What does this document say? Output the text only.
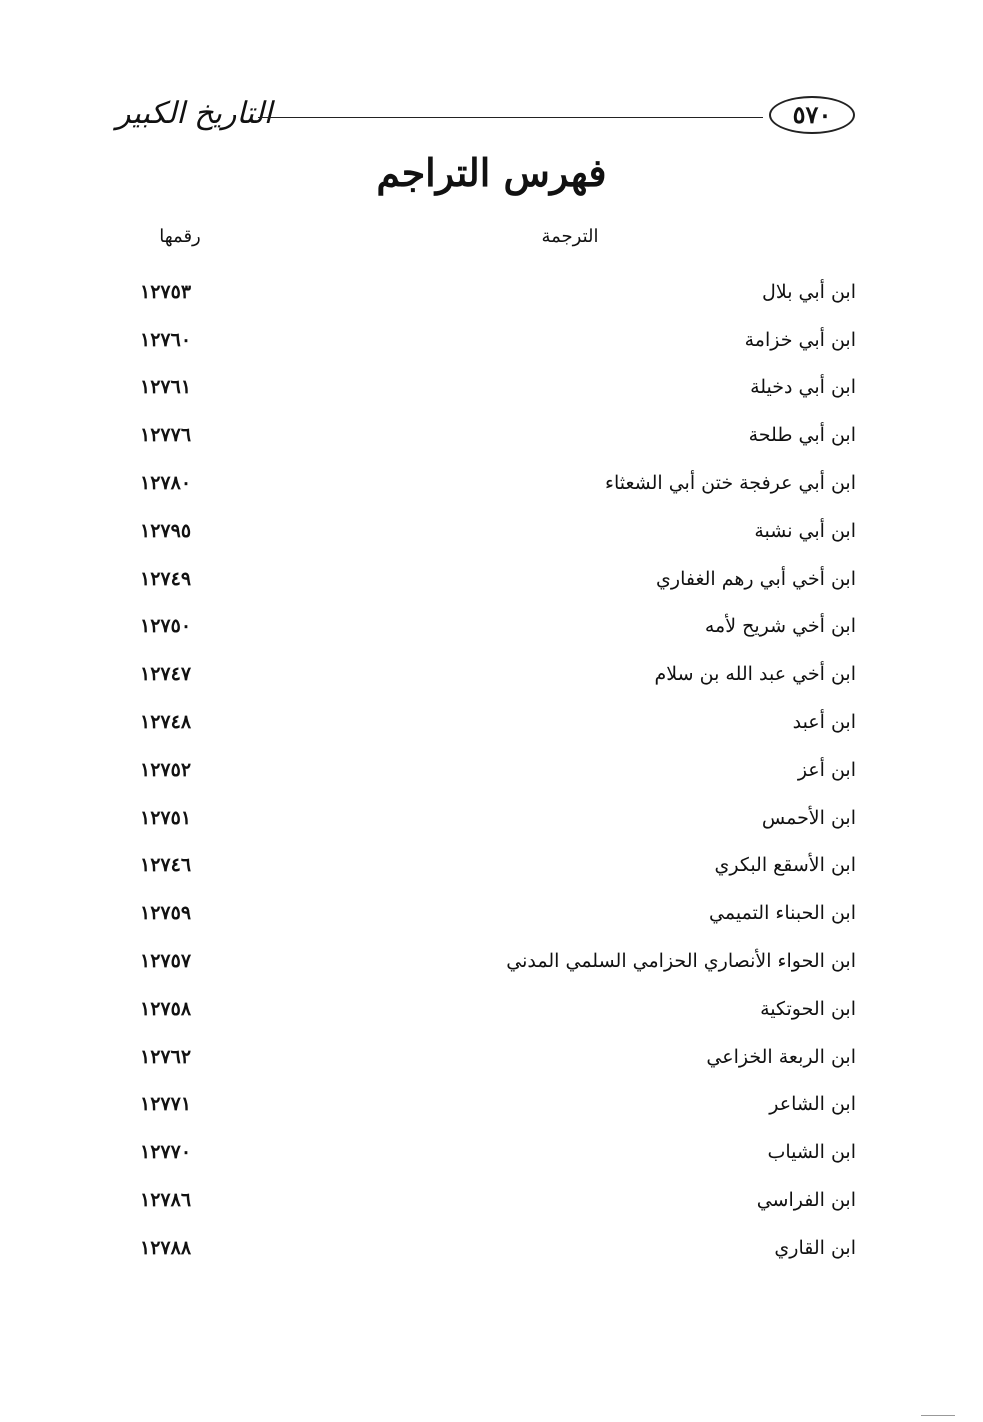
التاريخ الكبير	٥٧٠
فهرس التراجم
الترجمة
رقمها
ابن أبي بلال
١٢٧٥٣
ابن أبي خزامة
١٢٧٦٠
ابن أبي دخيلة
١٢٧٦١
ابن أبي طلحة
١٢٧٧٦
ابن أبي عرفجة ختن أبي الشعثاء
١٢٧٨٠
ابن أبي نشبة
١٢٧٩٥
ابن أخي أبي رهم الغفاري
١٢٧٤٩
ابن أخي شريح لأمه
١٢٧٥٠
ابن أخي عبد الله بن سلام
١٢٧٤٧
ابن أعبد
١٢٧٤٨
ابن أعز
١٢٧٥٢
ابن الأحمس
١٢٧٥١
ابن الأسقع البكري
١٢٧٤٦
ابن الحبناء التميمي
١٢٧٥٩
ابن الحواء الأنصاري الحزامي السلمي المدني
١٢٧٥٧
ابن الحوتكية
١٢٧٥٨
ابن الربعة الخزاعي
١٢٧٦٢
ابن الشاعر
١٢٧٧١
ابن الشياب
١٢٧٧٠
ابن الفراسي
١٢٧٨٦
ابن القاري
١٢٧٨٨
